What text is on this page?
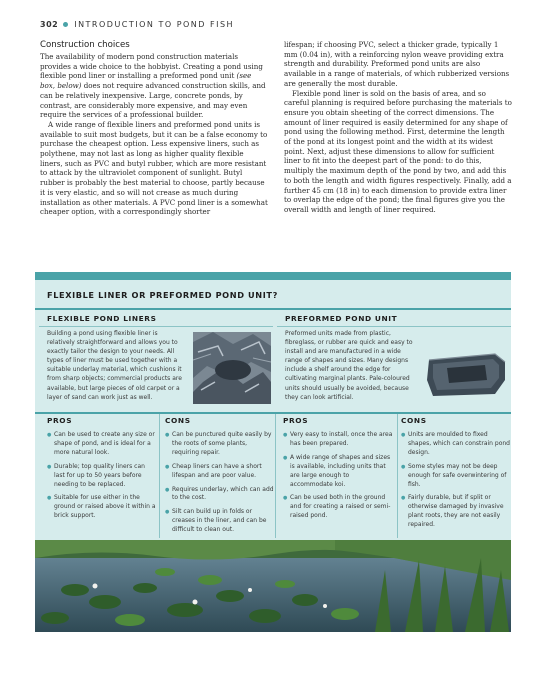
302 INTRODUCTION TO POND FISH
Construction choices

The availability of modern pond construction materials provides a wide choice to the hobbyist. Creating a pond using flexible pond liner or installing a preformed pond unit (see box, below) does not require advanced construction skills, and can be relatively inexpensive. Large, concrete ponds, by contrast, are considerably more expensive, and may even require the services of a professional builder.

A wide range of flexible liners and preformed pond units is available to suit most budgets, but it can be a false economy to purchase the cheapest option. Less expensive liners, such as polythene, may not last as long as higher quality flexible liners, such as PVC and butyl rubber, which are more resistant to attack by the ultraviolet component of sunlight. Butyl rubber is probably the best material to choose, partly because it is very elastic, and so will not crease as much during installation as other materials. A PVC pond liner is a somewhat cheaper option, with a correspondingly shorter

lifespan; if choosing PVC, select a thicker grade, typically 1 mm (0.04 in), with a reinforcing nylon weave providing extra strength and durability. Preformed pond units are also available in a range of materials, of which rubberized versions are generally the most durable.

Flexible pond liner is sold on the basis of area, and so careful planning is required before purchasing the materials to ensure you obtain sheeting of the correct dimensions. The amount of liner required is easily determined for any shape of pond using the following method. First, determine the length of the pond at its longest point and the width at its widest point. Next, adjust these dimensions to allow for sufficient liner to fit into the deepest part of the pond: to do this, multiply the maximum depth of the pond by two, and add this to both the length and width figures respectively. Finally, add a further 45 cm (18 in) to each dimension to provide extra liner to overlap the edge of the pond; the final figures give you the overall width and length of liner required.

FLEXIBLE LINER OR PREFORMED POND UNIT?
FLEXIBLE POND LINERS
Building a pond using flexible liner is relatively straightforward and allows you to exactly tailor the design to your needs. All types of liner must be used together with a suitable underlay material, which cushions it from sharp objects; commercial products are available, but large pieces of old carpet or a layer of sand can work just as well.
PREFORMED POND UNIT
Preformed units made from plastic, fibreglass, or rubber are quick and easy to install and are manufactured in a wide range of shapes and sizes. Many designs include a shelf around the edge for cultivating marginal plants. Pale-coloured units should usually be avoided, because they can look artificial.
PROS
● Can be used to create any size or shape of pond, and is ideal for a more natural look.
● Durable; top quality liners can last for up to 50 years before needing to be replaced.
● Suitable for use either in the ground or raised above it within a brick support.
CONS
● Can be punctured quite easily by the roots of some plants, requiring repair.
● Cheap liners can have a short lifespan and are poor value.
● Requires underlay, which can add to the cost.
● Silt can build up in folds or creases in the liner, and can be difficult to clean out.
PROS
● Very easy to install, once the area has been prepared.
● A wide range of shapes and sizes is available, including units that are large enough to accommodate koi.
● Can be used both in the ground and for creating a raised or semi-raised pond.
CONS
● Units are moulded to fixed shapes, which can constrain pond design.
● Some styles may not be deep enough for safe overwintering of fish.
● Fairly durable, but if split or otherwise damaged by invasive plant roots, they are not easily repaired.
